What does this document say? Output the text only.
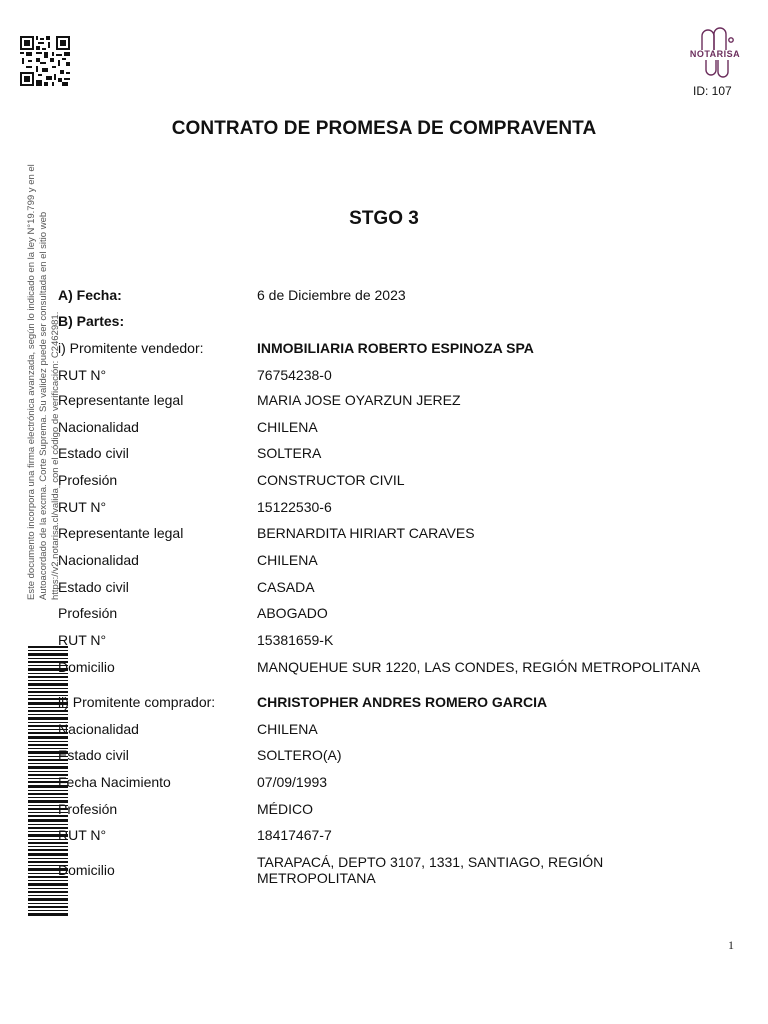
NOTARISA
ID: 107
CONTRATO DE PROMESA DE COMPRAVENTA
STGO 3
Este documento incorpora una firma electrónica avanzada, según lo indicado en la ley N°19.799 y en el Autoacordado de la excma. Corte Suprema. Su validez puede ser consultada en el sitio web https://v2.notarisa.cl/valida_con el código de verificación: C2462981.
A) Fecha:	6 de Diciembre de 2023
B) Partes:
i) Promitente vendedor:	INMOBILIARIA ROBERTO ESPINOZA SPA
RUT N°	76754238-0
Representante legal	MARIA JOSE OYARZUN JEREZ
Nacionalidad	CHILENA
Estado civil	SOLTERA
Profesión	CONSTRUCTOR CIVIL
RUT N°	15122530-6
Representante legal	BERNARDITA HIRIART CARAVES
Nacionalidad	CHILENA
Estado civil	CASADA
Profesión	ABOGADO
RUT N°	15381659-K
Domicilio	MANQUEHUE SUR 1220, LAS CONDES, REGIÓN METROPOLITANA
ii) Promitente comprador:	CHRISTOPHER ANDRES ROMERO GARCIA
Nacionalidad	CHILENA
Estado civil	SOLTERO(A)
Fecha Nacimiento	07/09/1993
Profesión	MÉDICO
RUT N°	18417467-7
Domicilio	TARAPACÁ, DEPTO 3107, 1331, SANTIAGO, REGIÓN METROPOLITANA
1
